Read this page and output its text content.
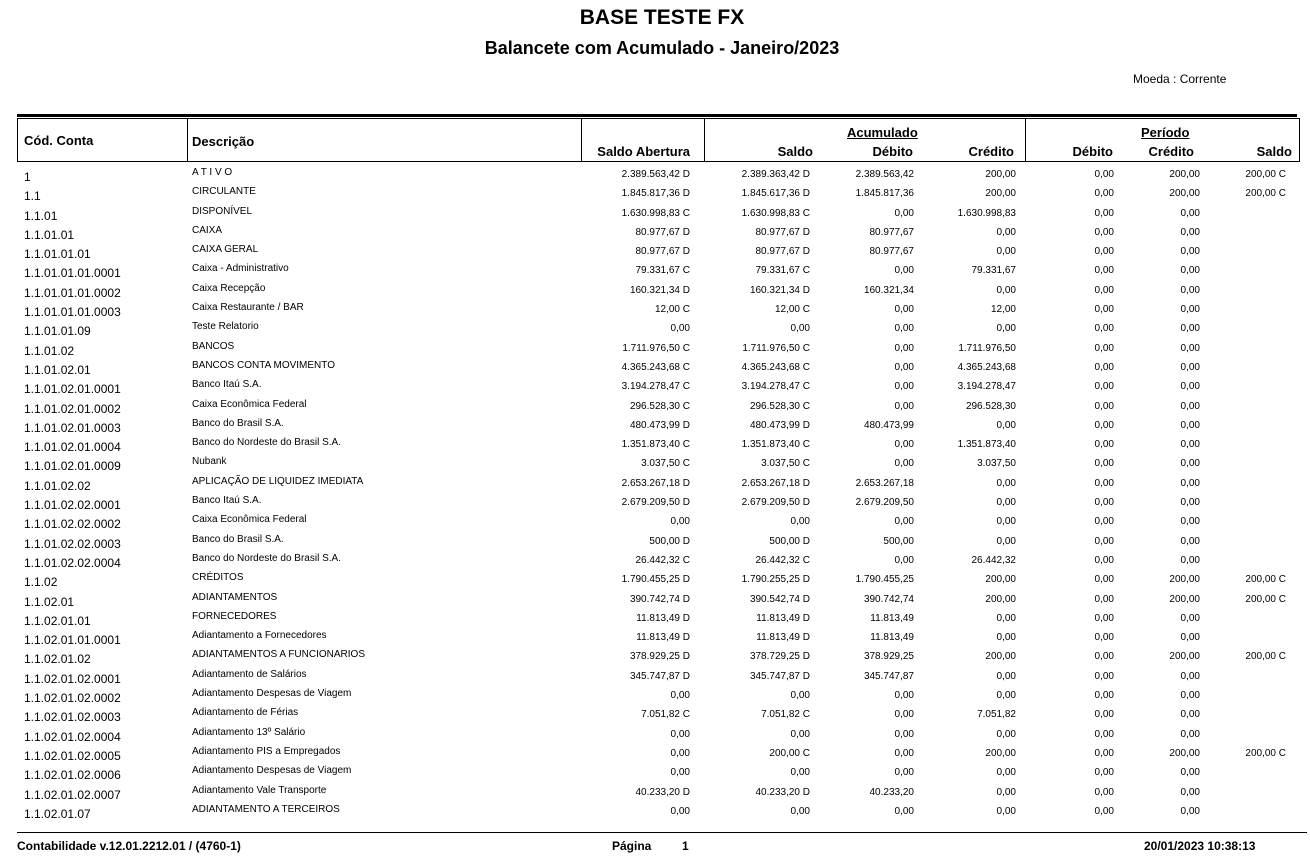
BASE TESTE FX
Balancete com Acumulado - Janeiro/2023
Moeda : Corrente
Cód. Conta	Descrição
Saldo Abertura
Acumulado
Saldo	Débito	Crédito
Período
Débito	Crédito	Saldo
1	A T I V O	2.389.563,42 D	2.389.363,42 D	2.389.563,42	200,00	0,00	200,00	200,00 C
1.1	CIRCULANTE	1.845.817,36 D	1.845.617,36 D	1.845.817,36	200,00	0,00	200,00	200,00 C
1.1.01	DISPONÍVEL	1.630.998,83 C	1.630.998,83 C	0,00	1.630.998,83	0,00	0,00
1.1.01.01	CAIXA	80.977,67 D	80.977,67 D	80.977,67	0,00	0,00	0,00
1.1.01.01.01	CAIXA GERAL	80.977,67 D	80.977,67 D	80.977,67	0,00	0,00	0,00
1.1.01.01.01.0001	Caixa - Administrativo	79.331,67 C	79.331,67 C	0,00	79.331,67	0,00	0,00
1.1.01.01.01.0002	Caixa Recepção	160.321,34 D	160.321,34 D	160.321,34	0,00	0,00	0,00
1.1.01.01.01.0003	Caixa Restaurante / BAR	12,00 C	12,00 C	0,00	12,00	0,00	0,00
1.1.01.01.09	Teste Relatorio	0,00	0,00	0,00	0,00	0,00	0,00
1.1.01.02	BANCOS	1.711.976,50 C	1.711.976,50 C	0,00	1.711.976,50	0,00	0,00
1.1.01.02.01	BANCOS CONTA MOVIMENTO	4.365.243,68 C	4.365.243,68 C	0,00	4.365.243,68	0,00	0,00
1.1.01.02.01.0001	Banco Itaú S.A.	3.194.278,47 C	3.194.278,47 C	0,00	3.194.278,47	0,00	0,00
1.1.01.02.01.0002	Caixa Econômica Federal	296.528,30 C	296.528,30 C	0,00	296.528,30	0,00	0,00
1.1.01.02.01.0003	Banco do Brasil S.A.	480.473,99 D	480.473,99 D	480.473,99	0,00	0,00	0,00
1.1.01.02.01.0004	Banco do Nordeste do Brasil S.A.	1.351.873,40 C	1.351.873,40 C	0,00	1.351.873,40	0,00	0,00
1.1.01.02.01.0009	Nubank	3.037,50 C	3.037,50 C	0,00	3.037,50	0,00	0,00
1.1.01.02.02	APLICAÇÃO DE LIQUIDEZ IMEDIATA	2.653.267,18 D	2.653.267,18 D	2.653.267,18	0,00	0,00	0,00
1.1.01.02.02.0001	Banco Itaú S.A.	2.679.209,50 D	2.679.209,50 D	2.679.209,50	0,00	0,00	0,00
1.1.01.02.02.0002	Caixa Econômica Federal	0,00	0,00	0,00	0,00	0,00	0,00
1.1.01.02.02.0003	Banco do Brasil S.A.	500,00 D	500,00 D	500,00	0,00	0,00	0,00
1.1.01.02.02.0004	Banco do Nordeste do Brasil S.A.	26.442,32 C	26.442,32 C	0,00	26.442,32	0,00	0,00
1.1.02	CRÉDITOS	1.790.455,25 D	1.790.255,25 D	1.790.455,25	200,00	0,00	200,00	200,00 C
1.1.02.01	ADIANTAMENTOS	390.742,74 D	390.542,74 D	390.742,74	200,00	0,00	200,00	200,00 C
1.1.02.01.01	FORNECEDORES	11.813,49 D	11.813,49 D	11.813,49	0,00	0,00	0,00
1.1.02.01.01.0001	Adiantamento a Fornecedores	11.813,49 D	11.813,49 D	11.813,49	0,00	0,00	0,00
1.1.02.01.02	ADIANTAMENTOS A FUNCIONARIOS	378.929,25 D	378.729,25 D	378.929,25	200,00	0,00	200,00	200,00 C
1.1.02.01.02.0001	Adiantamento de Salários	345.747,87 D	345.747,87 D	345.747,87	0,00	0,00	0,00
1.1.02.01.02.0002	Adiantamento Despesas de Viagem	0,00	0,00	0,00	0,00	0,00	0,00
1.1.02.01.02.0003	Adiantamento de Férias	7.051,82 C	7.051,82 C	0,00	7.051,82	0,00	0,00
1.1.02.01.02.0004	Adiantamento 13º Salário	0,00	0,00	0,00	0,00	0,00	0,00
1.1.02.01.02.0005	Adiantamento PIS a Empregados	0,00	200,00 C	0,00	200,00	0,00	200,00	200,00 C
1.1.02.01.02.0006	Adiantamento Despesas de Viagem	0,00	0,00	0,00	0,00	0,00	0,00
1.1.02.01.02.0007	Adiantamento Vale Transporte	40.233,20 D	40.233,20 D	40.233,20	0,00	0,00	0,00
1.1.02.01.07	ADIANTAMENTO A TERCEIROS	0,00	0,00	0,00	0,00	0,00	0,00
Contabilidade v.12.01.2212.01 / (4760-1)	Página	1	20/01/2023 10:38:13
